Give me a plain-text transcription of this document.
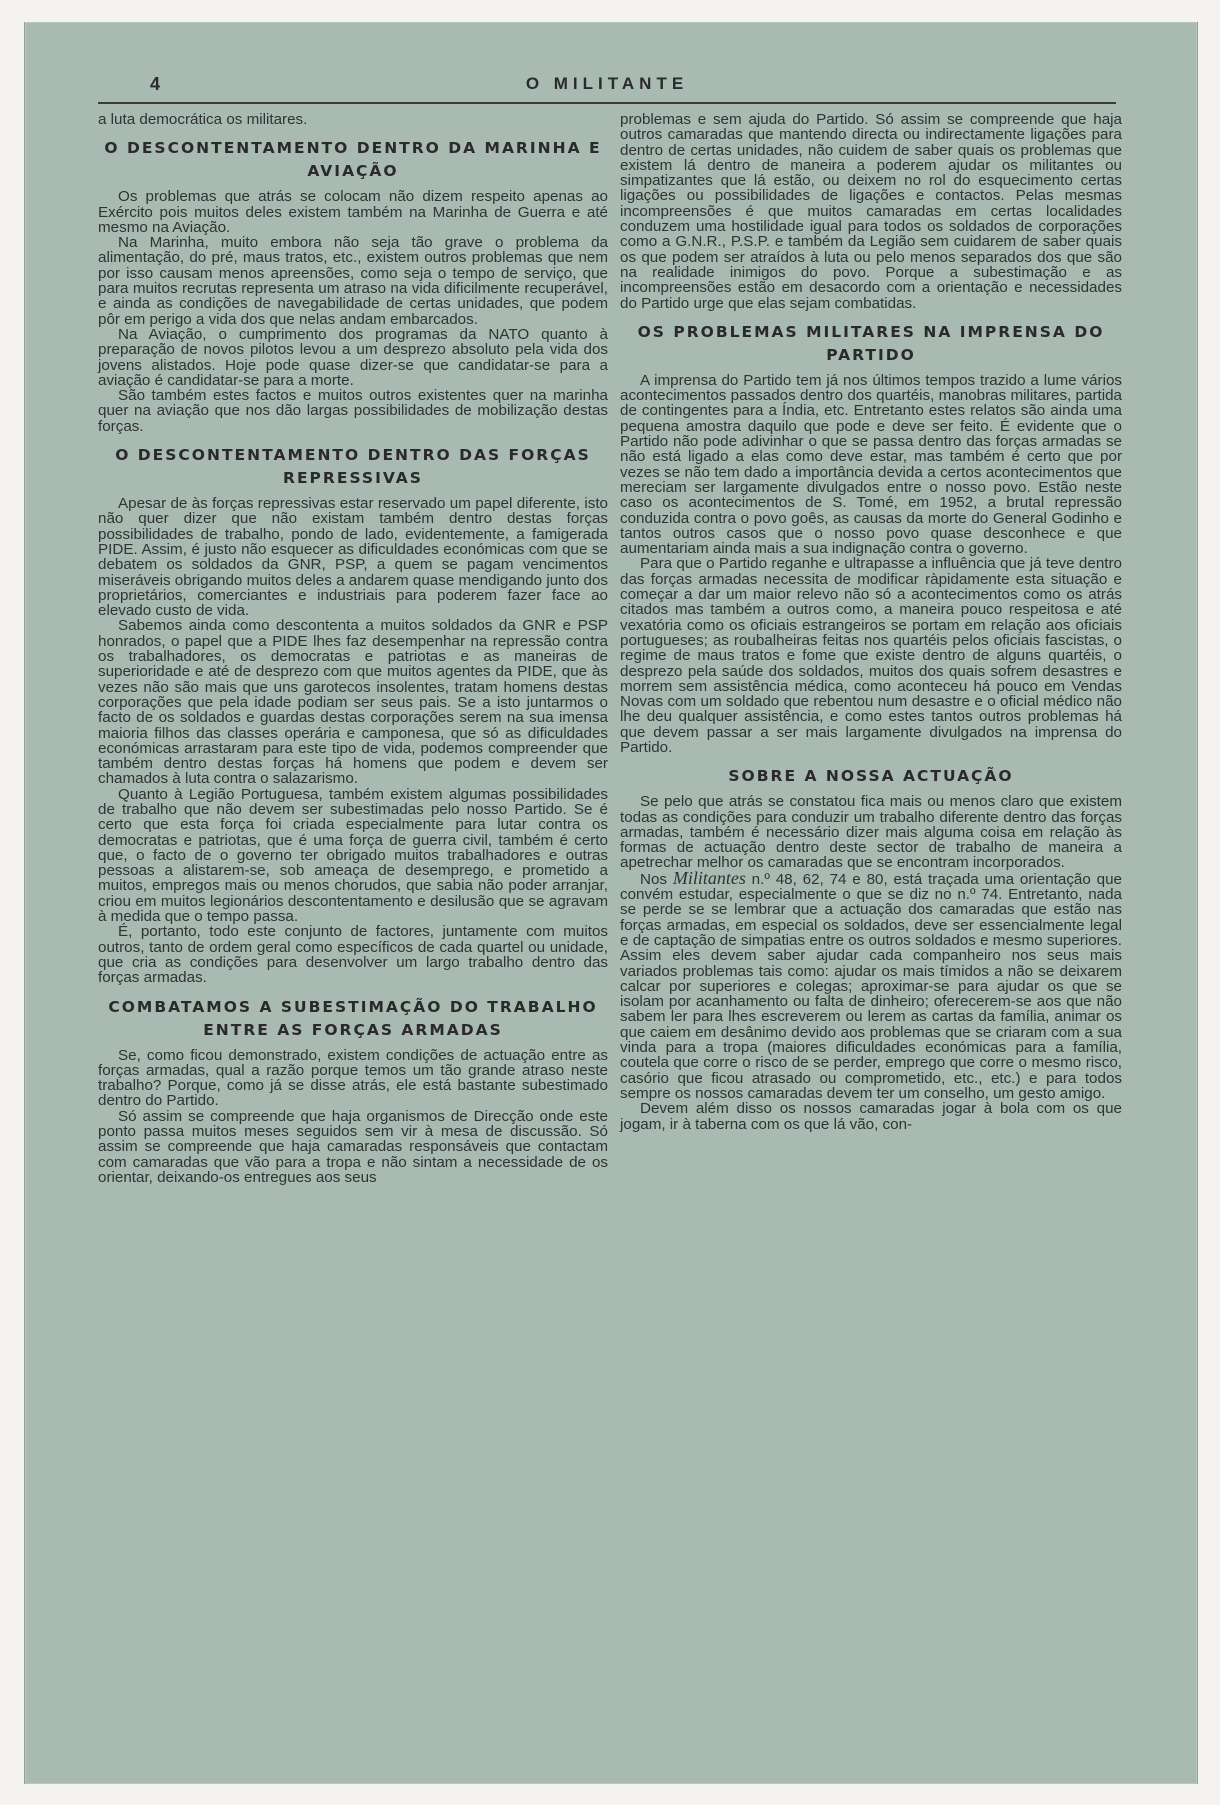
4	O MILITANTE

a luta democrática os militares.

O DESCONTENTAMENTO DENTRO DA MARINHA E AVIAÇÃO

Os problemas que atrás se colocam não dizem respeito apenas ao Exército pois muitos deles existem também na Marinha de Guerra e até mesmo na Aviação.

Na Marinha, muito embora não seja tão grave o problema da alimentação, do pré, maus tratos, etc., existem outros problemas que nem por isso causam menos apreensões, como seja o tempo de serviço, que para muitos recrutas representa um atraso na vida dificilmente recuperável, e ainda as condições de navegabilidade de certas unidades, que podem pôr em perigo a vida dos que nelas andam embarcados.

Na Aviação, o cumprimento dos programas da NATO quanto à preparação de novos pilotos levou a um desprezo absoluto pela vida dos jovens alistados. Hoje pode quase dizer-se que candidatar-se para a aviação é candidatar-se para a morte.

São também estes factos e muitos outros existentes quer na marinha quer na aviação que nos dão largas possibilidades de mobilização destas forças.

O DESCONTENTAMENTO DENTRO DAS FORÇAS REPRESSIVAS

Apesar de às forças repressivas estar reservado um papel diferente, isto não quer dizer que não existam também dentro destas forças possibilidades de trabalho, pondo de lado, evidentemente, a famigerada PIDE. Assim, é justo não esquecer as dificuldades económicas com que se debatem os soldados da GNR, PSP, a quem se pagam vencimentos miseráveis obrigando muitos deles a andarem quase mendigando junto dos proprietários, comerciantes e industriais para poderem fazer face ao elevado custo de vida.

Sabemos ainda como descontenta a muitos soldados da GNR e PSP honrados, o papel que a PIDE lhes faz desempenhar na repressão contra os trabalhadores, os democratas e patriotas e as maneiras de superioridade e até de desprezo com que muitos agentes da PIDE, que às vezes não são mais que uns garotecos insolentes, tratam homens destas corporações que pela idade podiam ser seus pais. Se a isto juntarmos o facto de os soldados e guardas destas corporações serem na sua imensa maioria filhos das classes operária e camponesa, que só as dificuldades económicas arrastaram para este tipo de vida, podemos compreender que também dentro destas forças há homens que podem e devem ser chamados à luta contra o salazarismo.

Quanto à Legião Portuguesa, também existem algumas possibilidades de trabalho que não devem ser subestimadas pelo nosso Partido. Se é certo que esta força foi criada especialmente para lutar contra os democratas e patriotas, que é uma força de guerra civil, também é certo que, o facto de o governo ter obrigado muitos trabalhadores e outras pessoas a alistarem-se, sob ameaça de desemprego, e prometido a muitos, empregos mais ou menos chorudos, que sabia não poder arranjar, criou em muitos legionários descontentamento e desilusão que se agravam à medida que o tempo passa.

É, portanto, todo este conjunto de factores, juntamente com muitos outros, tanto de ordem geral como específicos de cada quartel ou unidade, que cria as condições para desenvolver um largo trabalho dentro das forças armadas.

COMBATAMOS A SUBESTIMAÇÃO DO TRABALHO ENTRE AS FORÇAS ARMADAS

Se, como ficou demonstrado, existem condições de actuação entre as forças armadas, qual a razão porque temos um tão grande atraso neste trabalho? Porque, como já se disse atrás, ele está bastante subestimado dentro do Partido.

Só assim se compreende que haja organismos de Direcção onde este ponto passa muitos meses seguidos sem vir à mesa de discussão. Só assim se compreende que haja camaradas responsáveis que contactam com camaradas que vão para a tropa e não sintam a necessidade de os orientar, deixando-os entregues aos seus

problemas e sem ajuda do Partido. Só assim se compreende que haja outros camaradas que mantendo directa ou indirectamente ligações para dentro de certas unidades, não cuidem de saber quais os problemas que existem lá dentro de maneira a poderem ajudar os militantes ou simpatizantes que lá estão, ou deixem no rol do esquecimento certas ligações ou possibilidades de ligações e contactos. Pelas mesmas incompreensões é que muitos camaradas em certas localidades conduzem uma hostilidade igual para todos os soldados de corporações como a G.N.R., P.S.P. e também da Legião sem cuidarem de saber quais os que podem ser atraídos à luta ou pelo menos separados dos que são na realidade inimigos do povo. Porque a subestimação e as incompreensões estão em desacordo com a orientação e necessidades do Partido urge que elas sejam combatidas.

OS PROBLEMAS MILITARES NA IMPRENSA DO PARTIDO

A imprensa do Partido tem já nos últimos tempos trazido a lume vários acontecimentos passados dentro dos quartéis, manobras militares, partida de contingentes para a Índia, etc. Entretanto estes relatos são ainda uma pequena amostra daquilo que pode e deve ser feito. É evidente que o Partido não pode adivinhar o que se passa dentro das forças armadas se não está ligado a elas como deve estar, mas também é certo que por vezes se não tem dado a importância devida a certos acontecimentos que mereciam ser largamente divulgados entre o nosso povo. Estão neste caso os acontecimentos de S. Tomé, em 1952, a brutal repressão conduzida contra o povo goês, as causas da morte do General Godinho e tantos outros casos que o nosso povo quase desconhece e que aumentariam ainda mais a sua indignação contra o governo.

Para que o Partido reganhe e ultrapasse a influência que já teve dentro das forças armadas necessita de modificar ràpidamente esta situação e começar a dar um maior relevo não só a acontecimentos como os atrás citados mas também a outros como, a maneira pouco respeitosa e até vexatória como os oficiais estrangeiros se portam em relação aos oficiais portugueses; as roubalheiras feitas nos quartéis pelos oficiais fascistas, o regime de maus tratos e fome que existe dentro de alguns quartéis, o desprezo pela saúde dos soldados, muitos dos quais sofrem desastres e morrem sem assistência médica, como aconteceu há pouco em Vendas Novas com um soldado que rebentou num desastre e o oficial médico não lhe deu qualquer assistência, e como estes tantos outros problemas há que devem passar a ser mais largamente divulgados na imprensa do Partido.

SOBRE A NOSSA ACTUAÇÃO

Se pelo que atrás se constatou fica mais ou menos claro que existem todas as condições para conduzir um trabalho diferente dentro das forças armadas, também é necessário dizer mais alguma coisa em relação às formas de actuação dentro deste sector de trabalho de maneira a apetrechar melhor os camaradas que se encontram incorporados.

Nos Militantes n.º 48, 62, 74 e 80, está traçada uma orientação que convém estudar, especialmente o que se diz no n.º 74. Entretanto, nada se perde se se lembrar que a actuação dos camaradas que estão nas forças armadas, em especial os soldados, deve ser essencialmente legal e de captação de simpatias entre os outros soldados e mesmo superiores. Assim eles devem saber ajudar cada companheiro nos seus mais variados problemas tais como: ajudar os mais tímidos a não se deixarem calcar por superiores e colegas; aproximar-se para ajudar os que se isolam por acanhamento ou falta de dinheiro; oferecerem-se aos que não sabem ler para lhes escreverem ou lerem as cartas da família, animar os que caiem em desânimo devido aos problemas que se criaram com a sua vinda para a tropa (maiores dificuldades económicas para a família, coutela que corre o risco de se perder, emprego que corre o mesmo risco, casório que ficou atrasado ou comprometido, etc., etc.) e para todos sempre os nossos camaradas devem ter um conselho, um gesto amigo.

Devem além disso os nossos camaradas jogar à bola com os que jogam, ir à taberna com os que lá vão, con-
